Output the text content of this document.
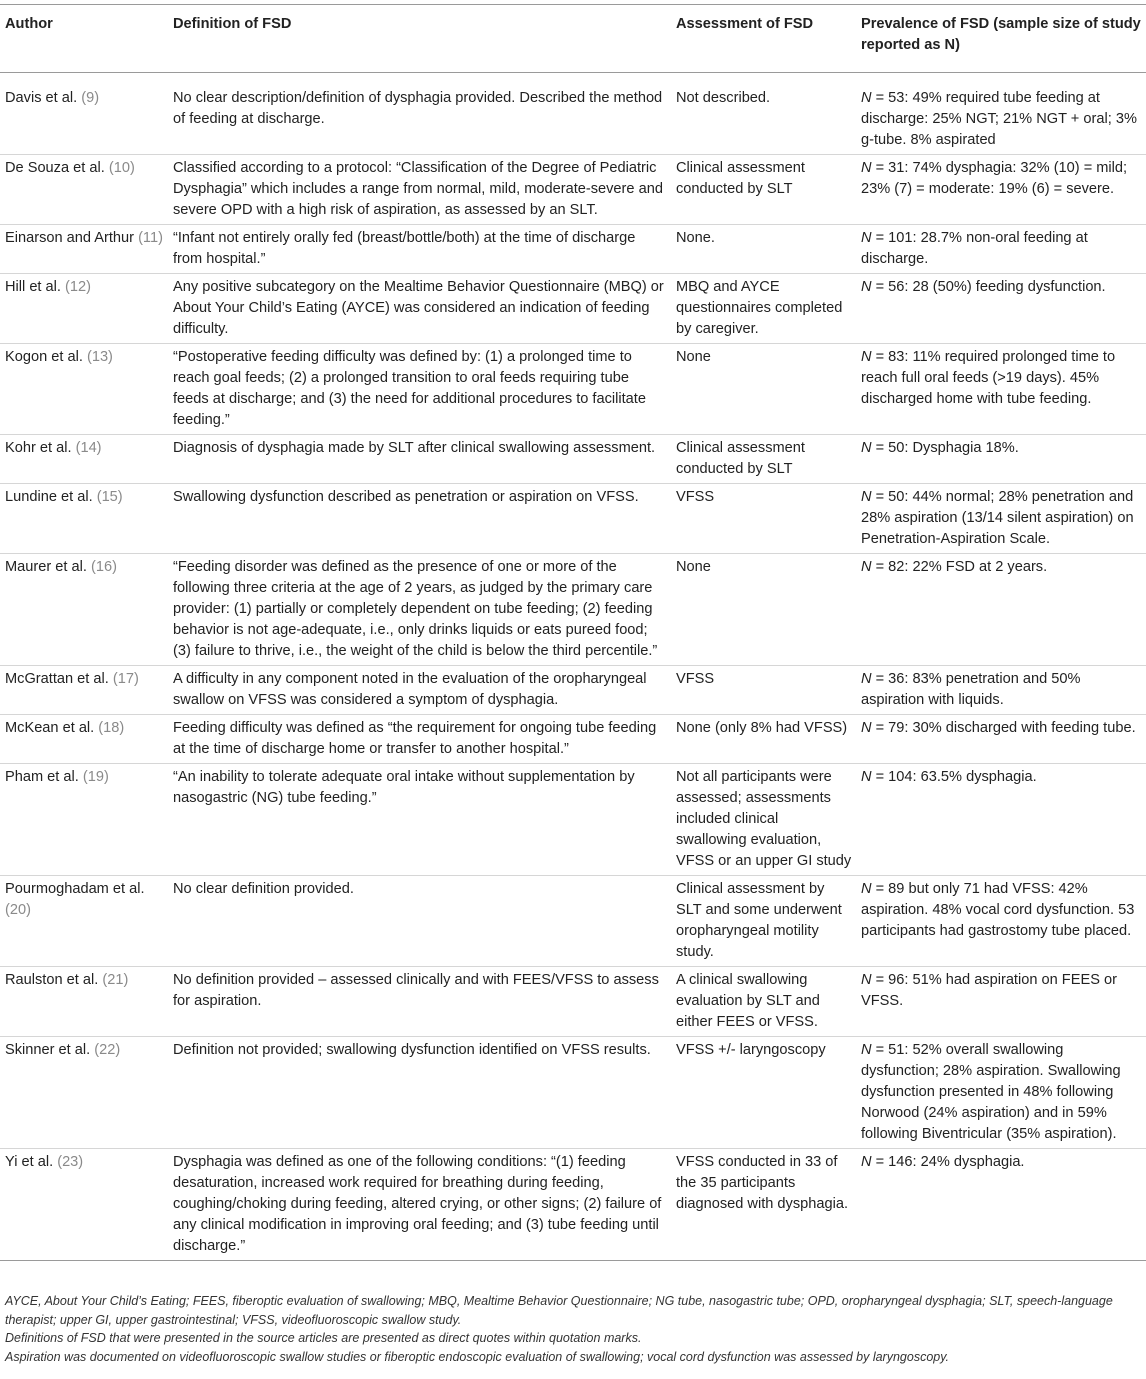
Author	Definition of FSD	Assessment of FSD	Prevalence of FSD (sample size of study reported as N)
Davis et al. (9)	No clear description/definition of dysphagia provided. Described the method of feeding at discharge.	Not described.	N = 53: 49% required tube feeding at discharge: 25% NGT; 21% NGT + oral; 3% g-tube. 8% aspirated
De Souza et al. (10)	Classified according to a protocol: “Classification of the Degree of Pediatric Dysphagia” which includes a range from normal, mild, moderate-severe and severe OPD with a high risk of aspiration, as assessed by an SLT.	Clinical assessment conducted by SLT	N = 31: 74% dysphagia: 32% (10) = mild; 23% (7) = moderate: 19% (6) = severe.
Einarson and Arthur (11)	“Infant not entirely orally fed (breast/bottle/both) at the time of discharge from hospital.”	None.	N = 101: 28.7% non-oral feeding at discharge.
Hill et al. (12)	Any positive subcategory on the Mealtime Behavior Questionnaire (MBQ) or About Your Child’s Eating (AYCE) was considered an indication of feeding difficulty.	MBQ and AYCE questionnaires completed by caregiver.	N = 56: 28 (50%) feeding dysfunction.
Kogon et al. (13)	“Postoperative feeding difficulty was defined by: (1) a prolonged time to reach goal feeds; (2) a prolonged transition to oral feeds requiring tube feeds at discharge; and (3) the need for additional procedures to facilitate feeding.”	None	N = 83: 11% required prolonged time to reach full oral feeds (>19 days). 45% discharged home with tube feeding.
Kohr et al. (14)	Diagnosis of dysphagia made by SLT after clinical swallowing assessment.	Clinical assessment conducted by SLT	N = 50: Dysphagia 18%.
Lundine et al. (15)	Swallowing dysfunction described as penetration or aspiration on VFSS.	VFSS	N = 50: 44% normal; 28% penetration and 28% aspiration (13/14 silent aspiration) on Penetration-Aspiration Scale.
Maurer et al. (16)	“Feeding disorder was defined as the presence of one or more of the following three criteria at the age of 2 years, as judged by the primary care provider: (1) partially or completely dependent on tube feeding; (2) feeding behavior is not age-adequate, i.e., only drinks liquids or eats pureed food; (3) failure to thrive, i.e., the weight of the child is below the third percentile.”	None	N = 82: 22% FSD at 2 years.
McGrattan et al. (17)	A difficulty in any component noted in the evaluation of the oropharyngeal swallow on VFSS was considered a symptom of dysphagia.	VFSS	N = 36: 83% penetration and 50% aspiration with liquids.
McKean et al. (18)	Feeding difficulty was defined as “the requirement for ongoing tube feeding at the time of discharge home or transfer to another hospital.”	None (only 8% had VFSS)	N = 79: 30% discharged with feeding tube.
Pham et al. (19)	“An inability to tolerate adequate oral intake without supplementation by nasogastric (NG) tube feeding.”	Not all participants were assessed; assessments included clinical swallowing evaluation, VFSS or an upper GI study	N = 104: 63.5% dysphagia.
Pourmoghadam et al. (20)	No clear definition provided.	Clinical assessment by SLT and some underwent oropharyngeal motility study.	N = 89 but only 71 had VFSS: 42% aspiration. 48% vocal cord dysfunction. 53 participants had gastrostomy tube placed.
Raulston et al. (21)	No definition provided – assessed clinically and with FEES/VFSS to assess for aspiration.	A clinical swallowing evaluation by SLT and either FEES or VFSS.	N = 96: 51% had aspiration on FEES or VFSS.
Skinner et al. (22)	Definition not provided; swallowing dysfunction identified on VFSS results.	VFSS +/- laryngoscopy	N = 51: 52% overall swallowing dysfunction; 28% aspiration. Swallowing dysfunction presented in 48% following Norwood (24% aspiration) and in 59% following Biventricular (35% aspiration).
Yi et al. (23)	Dysphagia was defined as one of the following conditions: “(1) feeding desaturation, increased work required for breathing during feeding, coughing/choking during feeding, altered crying, or other signs; (2) failure of any clinical modification in improving oral feeding; and (3) tube feeding until discharge.”	VFSS conducted in 33 of the 35 participants diagnosed with dysphagia.	N = 146: 24% dysphagia.

AYCE, About Your Child’s Eating; FEES, fiberoptic evaluation of swallowing; MBQ, Mealtime Behavior Questionnaire; NG tube, nasogastric tube; OPD, oropharyngeal dysphagia; SLT, speech-language therapist; upper GI, upper gastrointestinal; VFSS, videofluoroscopic swallow study.

Definitions of FSD that were presented in the source articles are presented as direct quotes within quotation marks.

Aspiration was documented on videofluoroscopic swallow studies or fiberoptic endoscopic evaluation of swallowing; vocal cord dysfunction was assessed by laryngoscopy.
